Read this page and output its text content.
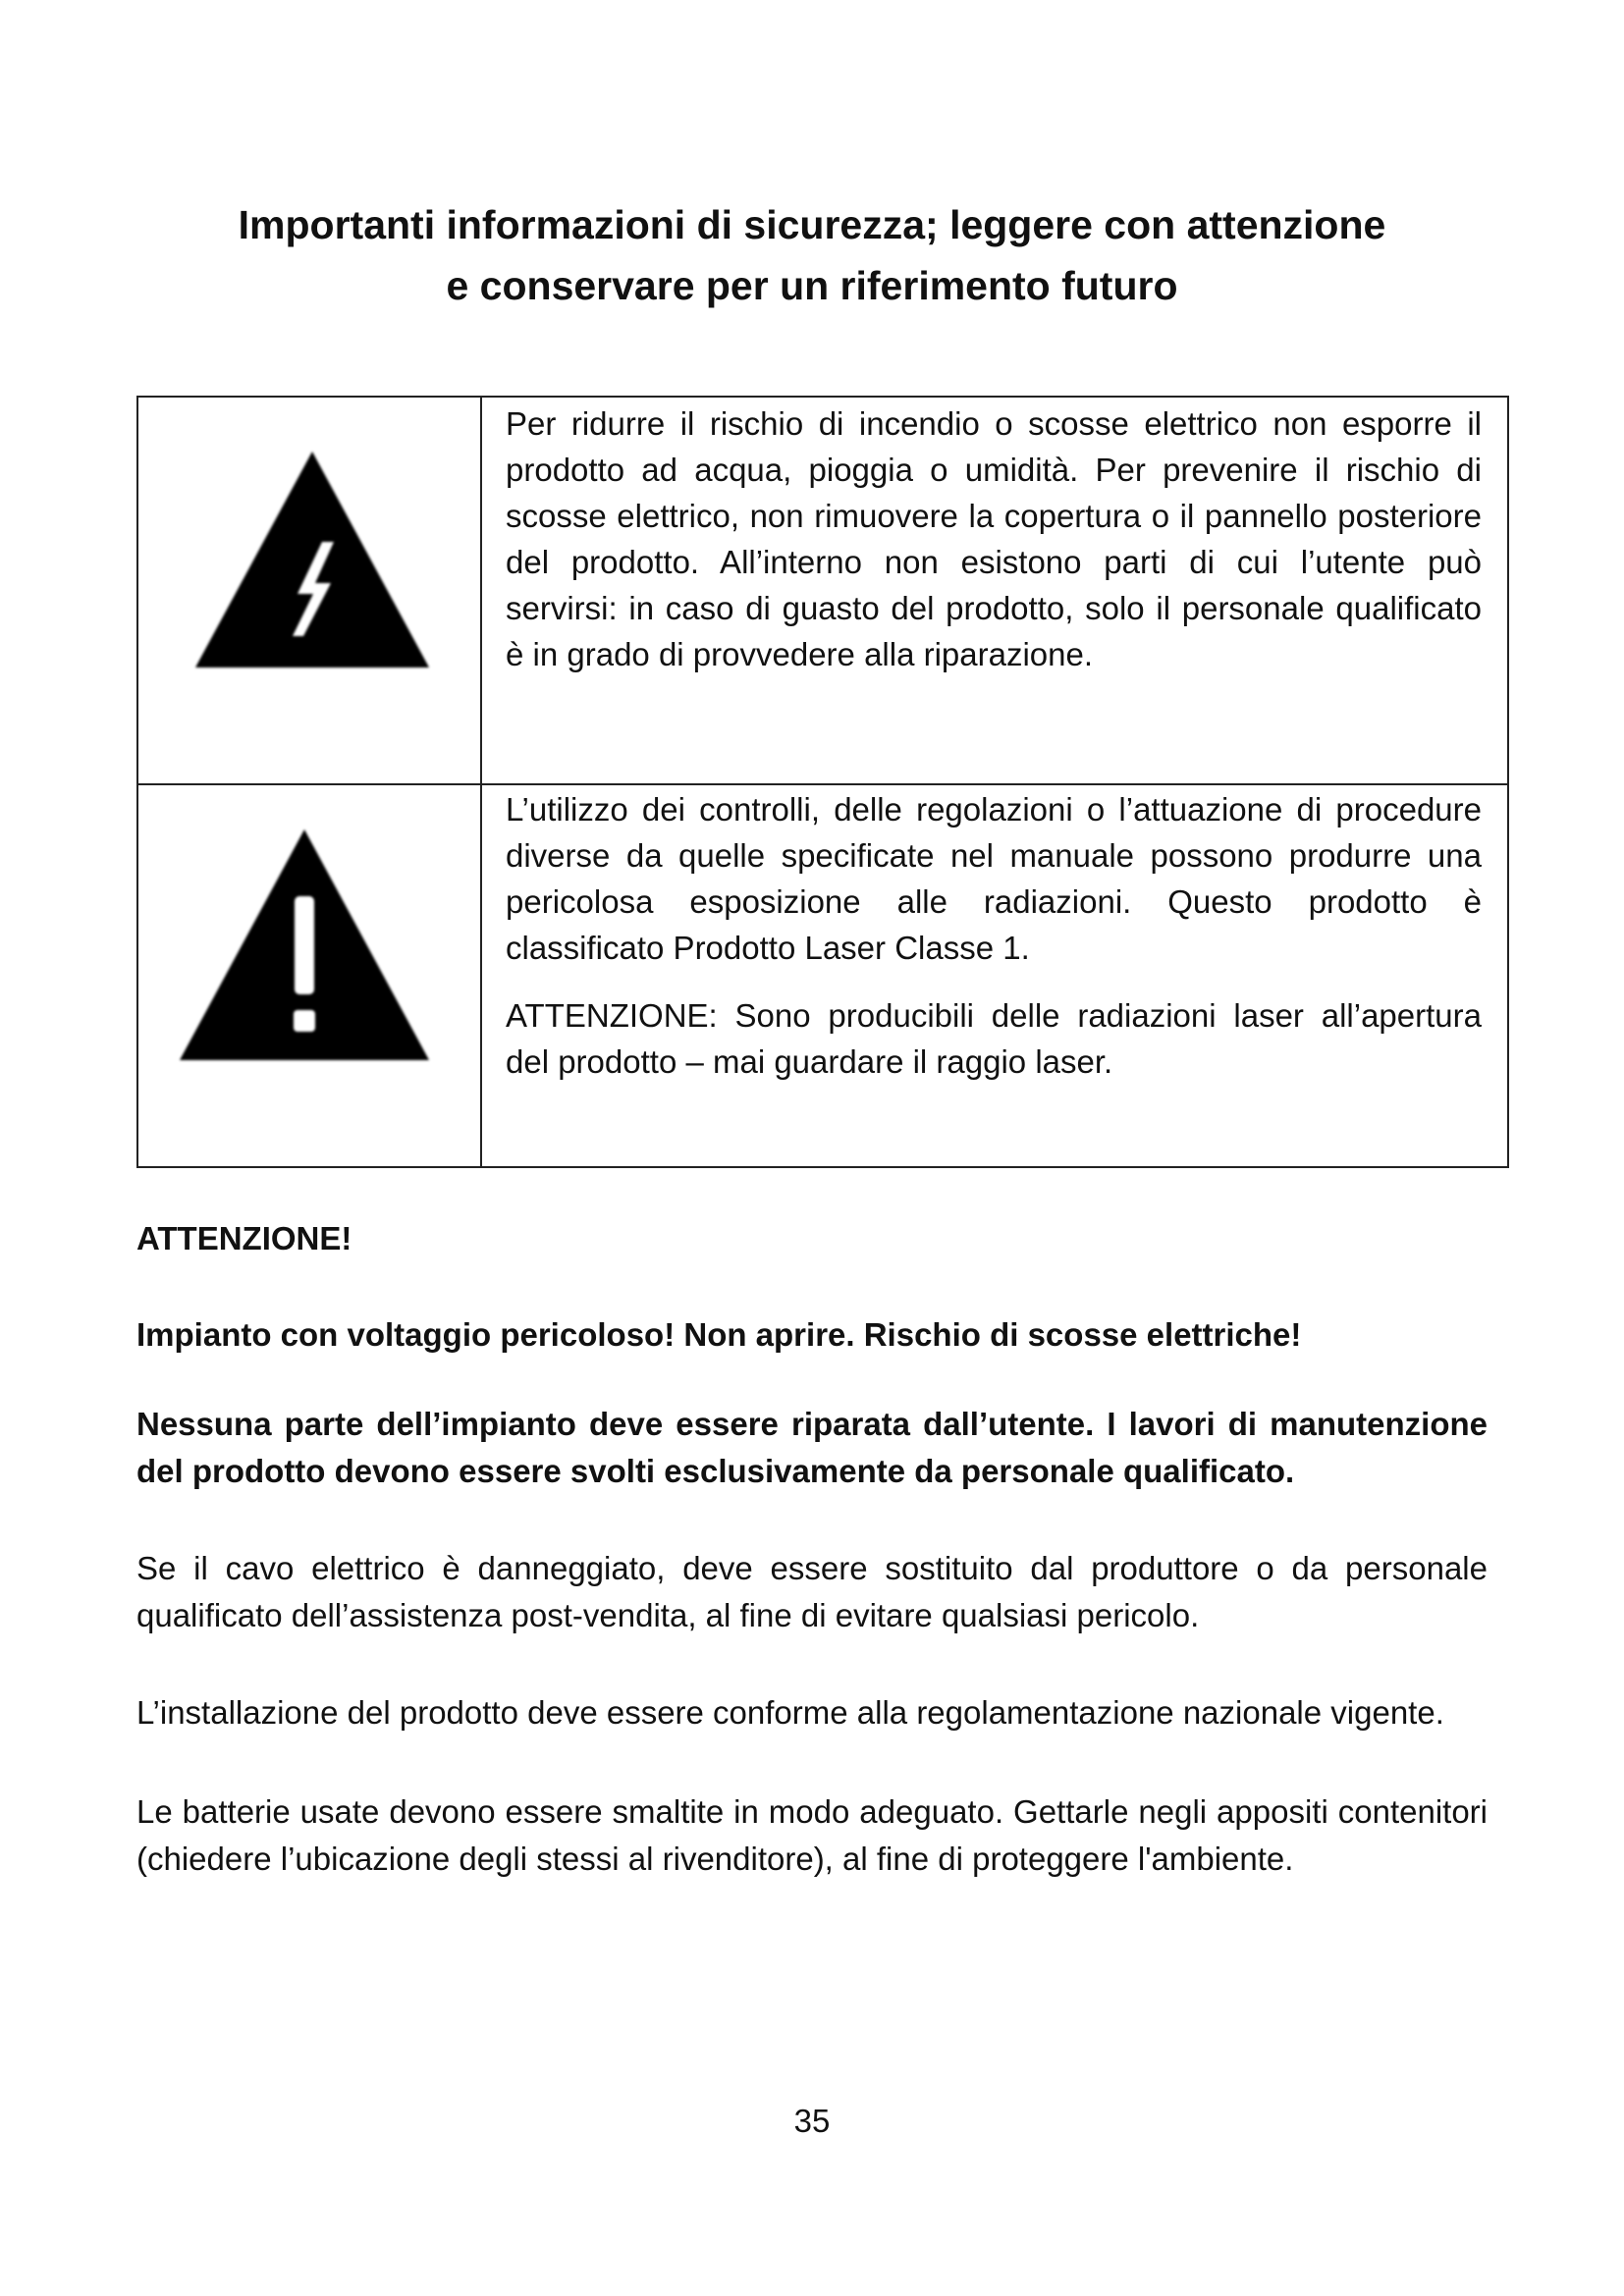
Importanti informazioni di sicurezza; leggere con attenzione
e conservare per un riferimento futuro

Per ridurre il rischio di incendio o scosse elettrico non esporre il prodotto ad acqua, pioggia o umidità. Per prevenire il rischio di scosse elettrico, non rimuovere la copertura o il pannello posteriore del prodotto. All’interno non esistono parti di cui l’utente può servirsi: in caso di guasto del prodotto, solo il personale qualificato è in grado di provvedere alla riparazione.

L’utilizzo dei controlli, delle regolazioni o l’attuazione di procedure diverse da quelle specificate nel manuale possono produrre una pericolosa esposizione alle radiazioni. Questo prodotto è classificato Prodotto Laser Classe 1.

ATTENZIONE: Sono producibili delle radiazioni laser all’apertura del prodotto – mai guardare il raggio laser.

ATTENZIONE!

Impianto con voltaggio pericoloso! Non aprire. Rischio di scosse elettriche!

Nessuna parte dell’impianto deve essere riparata dall’utente. I lavori di manutenzione del prodotto devono essere svolti esclusivamente da personale qualificato.

Se il cavo elettrico è danneggiato, deve essere sostituito dal produttore o da personale qualificato dell’assistenza post-vendita, al fine di evitare qualsiasi pericolo.

L’installazione del prodotto deve essere conforme alla regolamentazione nazionale vigente.

Le batterie usate devono essere smaltite in modo adeguato. Gettarle negli appositi contenitori (chiedere l’ubicazione degli stessi al rivenditore), al fine di proteggere l'ambiente.

35
